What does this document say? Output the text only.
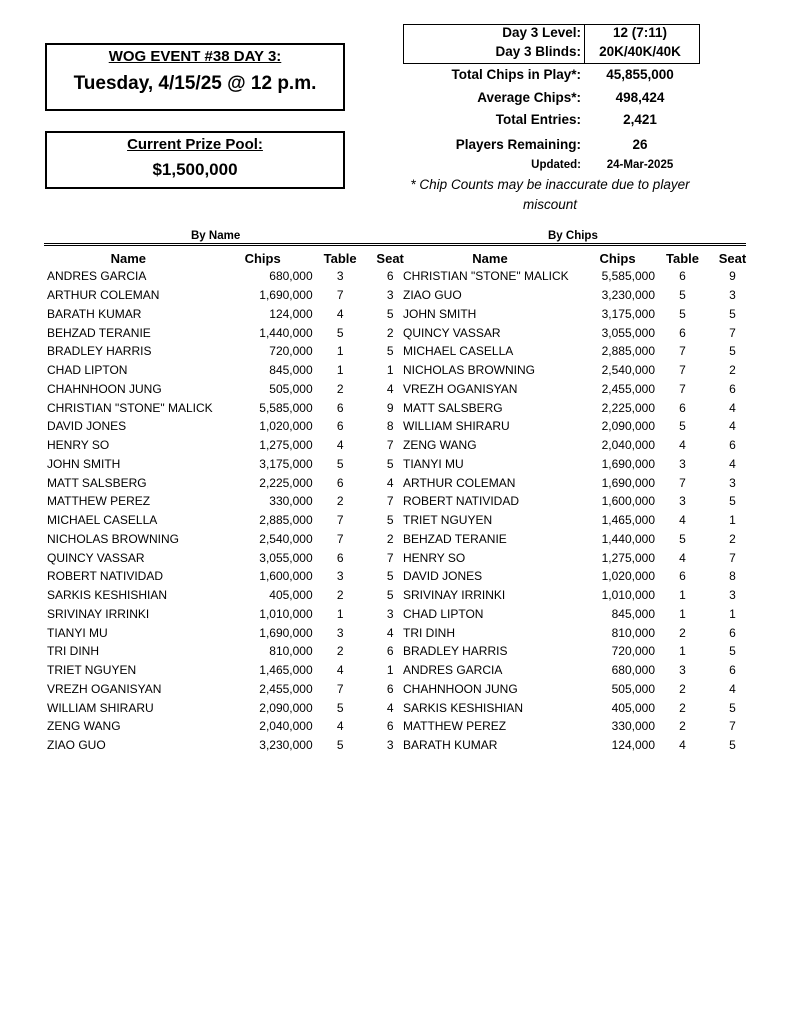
WOG EVENT #38 DAY 3:
Tuesday, 4/15/25 @ 12 p.m.
Current Prize Pool:
$1,500,000
Day 3 Level:	12 (7:11)
Day 3 Blinds:	20K/40K/40K
Total Chips in Play*:	45,855,000
Average Chips*:	498,424
Total Entries:	2,421
Players Remaining:	26
Updated:	24-Mar-2025
* Chip Counts may be inaccurate due to player miscount
By Name	By Chips
Name	Chips	Table	Seat
ANDRES GARCIA	680,000	3	6
ARTHUR COLEMAN	1,690,000	7	3
BARATH KUMAR	124,000	4	5
BEHZAD TERANIE	1,440,000	5	2
BRADLEY HARRIS	720,000	1	5
CHAD LIPTON	845,000	1	1
CHAHNHOON JUNG	505,000	2	4
CHRISTIAN "STONE" MALICK	5,585,000	6	9
DAVID JONES	1,020,000	6	8
HENRY SO	1,275,000	4	7
JOHN SMITH	3,175,000	5	5
MATT SALSBERG	2,225,000	6	4
MATTHEW PEREZ	330,000	2	7
MICHAEL CASELLA	2,885,000	7	5
NICHOLAS BROWNING	2,540,000	7	2
QUINCY VASSAR	3,055,000	6	7
ROBERT NATIVIDAD	1,600,000	3	5
SARKIS KESHISHIAN	405,000	2	5
SRIVINAY IRRINKI	1,010,000	1	3
TIANYI MU	1,690,000	3	4
TRI DINH	810,000	2	6
TRIET NGUYEN	1,465,000	4	1
VREZH OGANISYAN	2,455,000	7	6
WILLIAM SHIRARU	2,090,000	5	4
ZENG WANG	2,040,000	4	6
ZIAO GUO	3,230,000	5	3
Name	Chips	Table	Seat
CHRISTIAN "STONE" MALICK	5,585,000	6	9
ZIAO GUO	3,230,000	5	3
JOHN SMITH	3,175,000	5	5
QUINCY VASSAR	3,055,000	6	7
MICHAEL CASELLA	2,885,000	7	5
NICHOLAS BROWNING	2,540,000	7	2
VREZH OGANISYAN	2,455,000	7	6
MATT SALSBERG	2,225,000	6	4
WILLIAM SHIRARU	2,090,000	5	4
ZENG WANG	2,040,000	4	6
TIANYI MU	1,690,000	3	4
ARTHUR COLEMAN	1,690,000	7	3
ROBERT NATIVIDAD	1,600,000	3	5
TRIET NGUYEN	1,465,000	4	1
BEHZAD TERANIE	1,440,000	5	2
HENRY SO	1,275,000	4	7
DAVID JONES	1,020,000	6	8
SRIVINAY IRRINKI	1,010,000	1	3
CHAD LIPTON	845,000	1	1
TRI DINH	810,000	2	6
BRADLEY HARRIS	720,000	1	5
ANDRES GARCIA	680,000	3	6
CHAHNHOON JUNG	505,000	2	4
SARKIS KESHISHIAN	405,000	2	5
MATTHEW PEREZ	330,000	2	7
BARATH KUMAR	124,000	4	5
